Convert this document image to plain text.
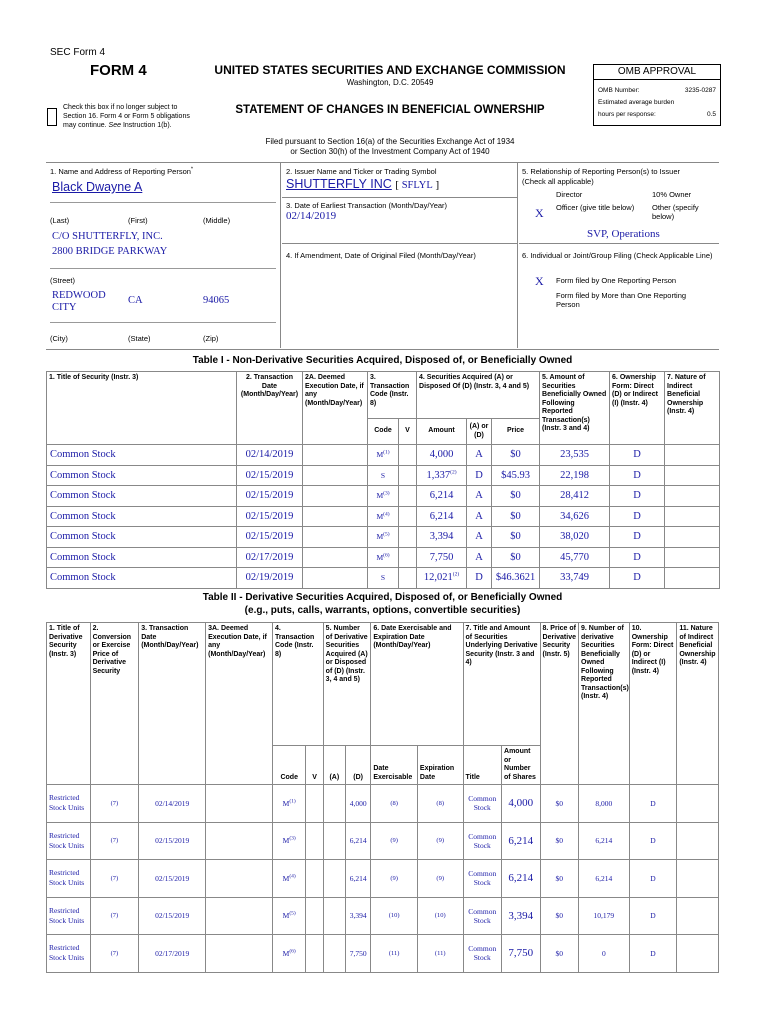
SEC Form 4
FORM 4	UNITED STATES SECURITIES AND EXCHANGE COMMISSION
Washington, D.C. 20549
Check this box if no longer subject to Section 16. Form 4 or Form 5 obligations may continue. See Instruction 1(b).
STATEMENT OF CHANGES IN BENEFICIAL OWNERSHIP
Filed pursuant to Section 16(a) of the Securities Exchange Act of 1934
or Section 30(h) of the Investment Company Act of 1940
OMB APPROVAL
OMB Number:	3235-0287
Estimated average burden
hours per response:	0.5
1. Name and Address of Reporting Person*
Black Dwayne A
(Last)	(First)	(Middle)
C/O SHUTTERFLY, INC.
2800 BRIDGE PARKWAY
(Street)
REDWOOD CITY
CA	94065
(City)	(State)	(Zip)
2. Issuer Name and Ticker or Trading Symbol
SHUTTERFLY INC [ SFLYL ]
3. Date of Earliest Transaction (Month/Day/Year)
02/14/2019
4. If Amendment, Date of Original Filed (Month/Day/Year)
5. Relationship of Reporting Person(s) to Issuer
(Check all applicable)
Director	10% Owner
X Officer (give title below) Other (specify below)
SVP, Operations
6. Individual or Joint/Group Filing (Check Applicable Line)
X Form filed by One Reporting Person
Form filed by More than One Reporting Person
Table I - Non-Derivative Securities Acquired, Disposed of, or Beneficially Owned
1. Title of Security (Instr. 3)	2. Transaction Date (Month/Day/Year)	2A. Deemed Execution Date, if any (Month/Day/Year)	3. Transaction Code (Instr. 8)		4. Securities Acquired (A) or Disposed Of (D) (Instr. 3, 4 and 5)			5. Amount of Securities Beneficially Owned Following Reported Transaction(s) (Instr. 3 and 4)	6. Ownership Form: Direct (D) or Indirect (I) (Instr. 4)	7. Nature of Indirect Beneficial Ownership (Instr. 4)
			Code	V	Amount	(A) or (D)	Price			
Common Stock	02/14/2019		$M^{(1)}$		4,000	A	$0	23,535	D	
Common Stock	02/15/2019		S		1,337$^{(2)}$	D	$45.93	22,198	D	
Common Stock	02/15/2019		$M^{(3)}$		6,214	A	$0	28,412	D	
Common Stock	02/15/2019		$M^{(4)}$		6,214	A	$0	34,626	D	
Common Stock	02/15/2019		$M^{(5)}$		3,394	A	$0	38,020	D	
Common Stock	02/17/2019		$M^{(6)}$		7,750	A	$0	45,770	D	
Common Stock	02/19/2019		S		12,021$^{(2)}$	D	$46.3621	33,749	D	
Table II - Derivative Securities Acquired, Disposed of, or Beneficially Owned
(e.g., puts, calls, warrants, options, convertible securities)
1. Title of Derivative Security (Instr. 3)	2. Conversion or Exercise Price of Derivative Security	3. Transaction Date (Month/Day/Year)	3A. Deemed Execution Date, if any (Month/Day/Year)	4. Transaction Code (Instr. 8)		5. Number of Derivative Securities Acquired (A) or Disposed of (D) (Instr. 3, 4 and 5)		6. Date Exercisable and Expiration Date (Month/Day/Year)		7. Title and Amount of Securities Underlying Derivative Security (Instr. 3 and 4)		8. Price of Derivative Security (Instr. 5)	9. Number of derivative Securities Beneficially Owned Following Reported Transaction(s) (Instr. 4)	10. Ownership Form: Direct (D) or Indirect (I) (Instr. 4)	11. Nature of Indirect Beneficial Ownership (Instr. 4)
				Code	V	(A)	(D)	Date Exercisable	Expiration Date	Title	Amount or Number of Shares				
Restricted Stock Units	(7)	02/14/2019		$M^{(1)}$			4,000	(8)	(8)	Common Stock	4,000	$0	8,000	D	
Restricted Stock Units	(7)	02/15/2019		$M^{(3)}$			6,214	(9)	(9)	Common Stock	6,214	$0	6,214	D	
Restricted Stock Units	(7)	02/15/2019		$M^{(4)}$			6,214	(9)	(9)	Common Stock	6,214	$0	6,214	D	
Restricted Stock Units	(7)	02/15/2019		$M^{(5)}$			3,394	(10)	(10)	Common Stock	3,394	$0	10,179	D	
Restricted Stock Units	(7)	02/17/2019		$M^{(6)}$			7,750	(11)	(11)	Common Stock	7,750	$0	0	D	
